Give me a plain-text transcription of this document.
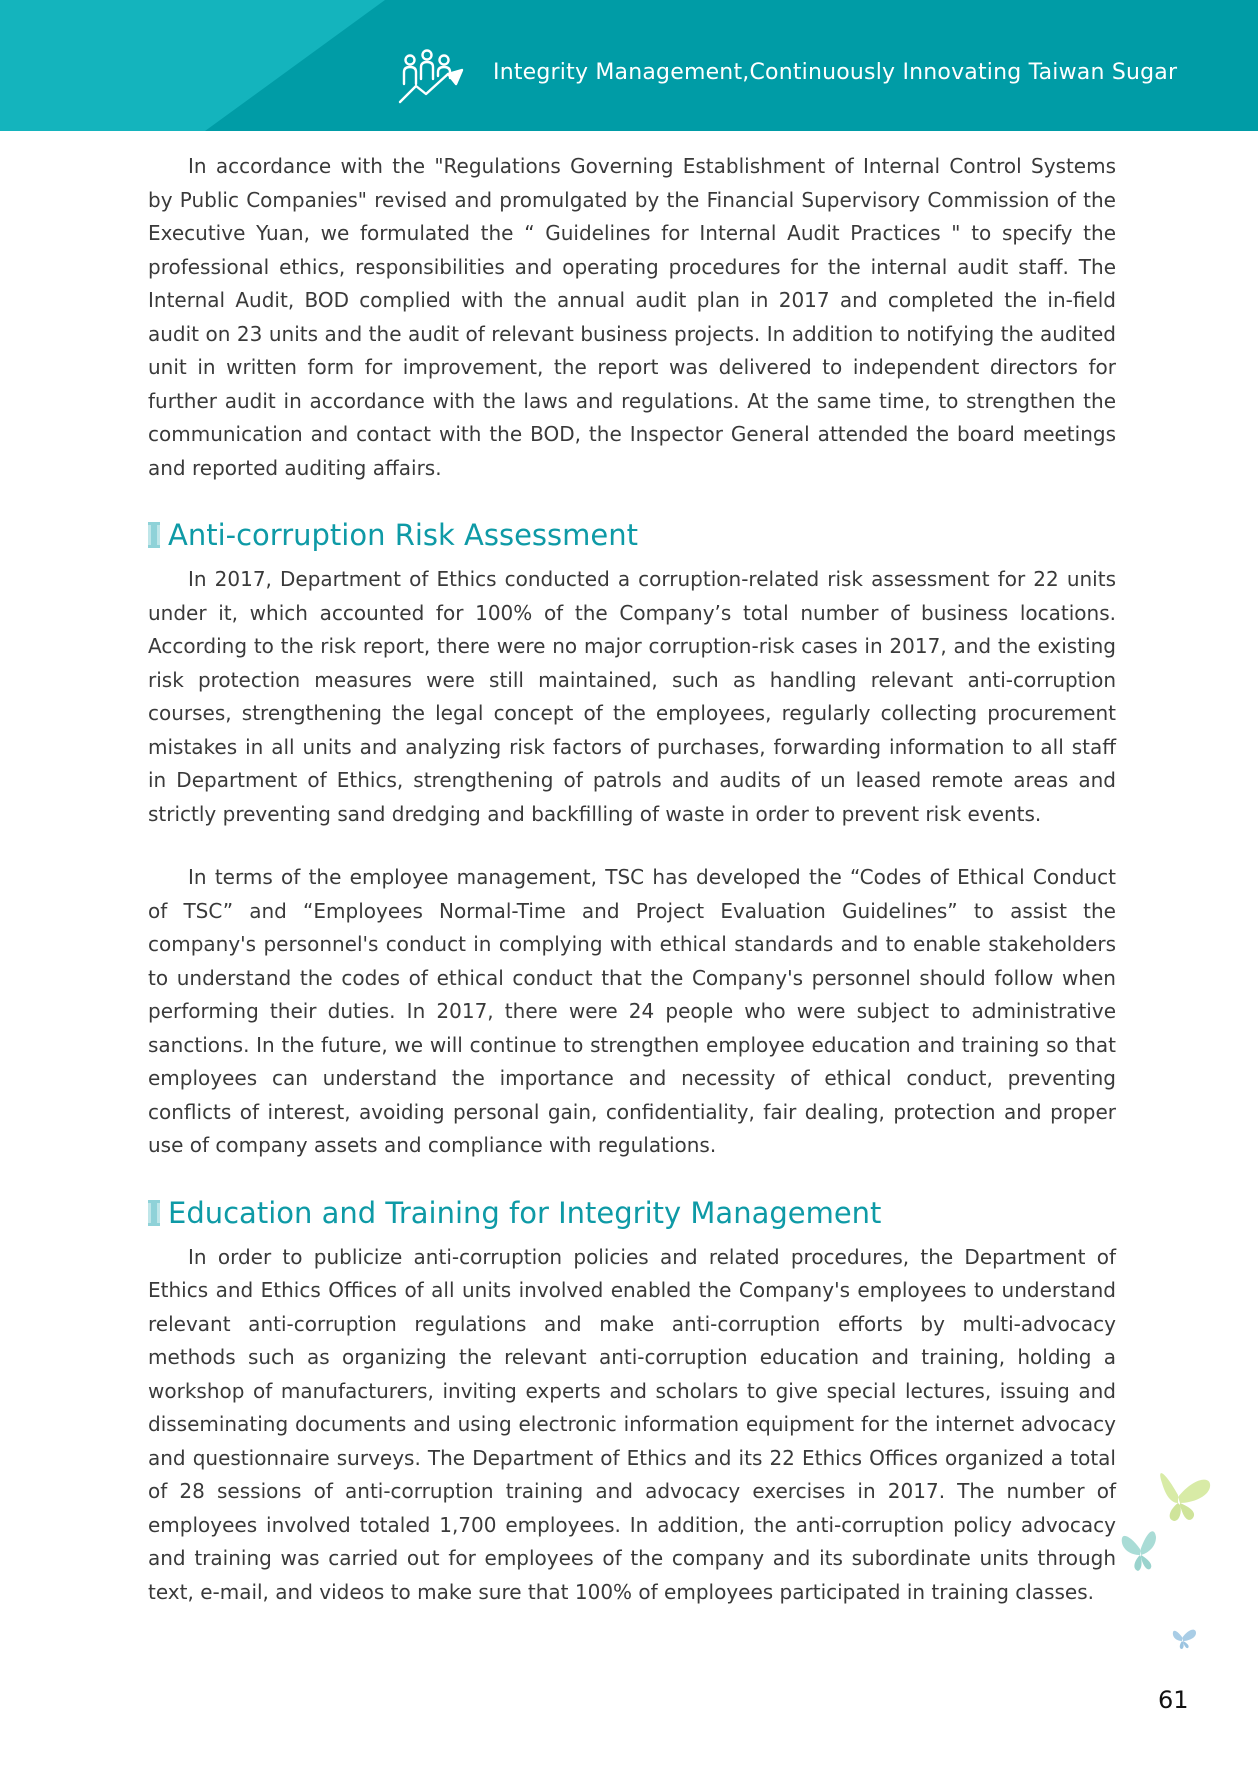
Integrity Management,Continuously Innovating Taiwan Sugar

In accordance with the "Regulations Governing Establishment of Internal Control Systems by Public Companies" revised and promulgated by the Financial Supervisory Commission of the Executive Yuan, we formulated the “ Guidelines for Internal Audit Practices " to specify the professional ethics, responsibilities and operating procedures for the internal audit staff. The Internal Audit, BOD complied with the annual audit plan in 2017 and completed the in-field audit on 23 units and the audit of relevant business projects. In addition to notifying the audited unit in written form for improvement, the report was delivered to independent directors for further audit in accordance with the laws and regulations. At the same time, to strengthen the communication and contact with the BOD, the Inspector General attended the board meetings and reported auditing affairs.

Anti-corruption Risk Assessment

In 2017, Department of Ethics conducted a corruption-related risk assessment for 22 units under it, which accounted for 100% of the Company’s total number of business locations. According to the risk report, there were no major corruption-risk cases in 2017, and the existing risk protection measures were still maintained, such as handling relevant anti-corruption courses, strengthening the legal concept of the employees, regularly collecting procurement mistakes in all units and analyzing risk factors of purchases, forwarding information to all staff in Department of Ethics, strengthening of patrols and audits of un leased remote areas and strictly preventing sand dredging and backfilling of waste in order to prevent risk events.

In terms of the employee management, TSC has developed the “Codes of Ethical Conduct of TSC” and “Employees Normal-Time and Project Evaluation Guidelines” to assist the company's personnel's conduct in complying with ethical standards and to enable stakeholders to understand the codes of ethical conduct that the Company's personnel should follow when performing their duties. In 2017, there were 24 people who were subject to administrative sanctions. In the future, we will continue to strengthen employee education and training so that employees can understand the importance and necessity of ethical conduct, preventing conflicts of interest, avoiding personal gain, confidentiality, fair dealing, protection and proper use of company assets and compliance with regulations.

Education and Training for Integrity Management

In order to publicize anti-corruption policies and related procedures, the Department of Ethics and Ethics Offices of all units involved enabled the Company's employees to understand relevant anti-corruption regulations and make anti-corruption efforts by multi-advocacy methods such as organizing the relevant anti-corruption education and training, holding a workshop of manufacturers, inviting experts and scholars to give special lectures, issuing and disseminating documents and using electronic information equipment for the internet advocacy and questionnaire surveys. The Department of Ethics and its 22 Ethics Offices organized a total of 28 sessions of anti-corruption training and advocacy exercises in 2017. The number of employees involved totaled 1,700 employees. In addition, the anti-corruption policy advocacy and training was carried out for employees of the company and its subordinate units through text, e-mail, and videos to make sure that 100% of employees participated in training classes.

61
